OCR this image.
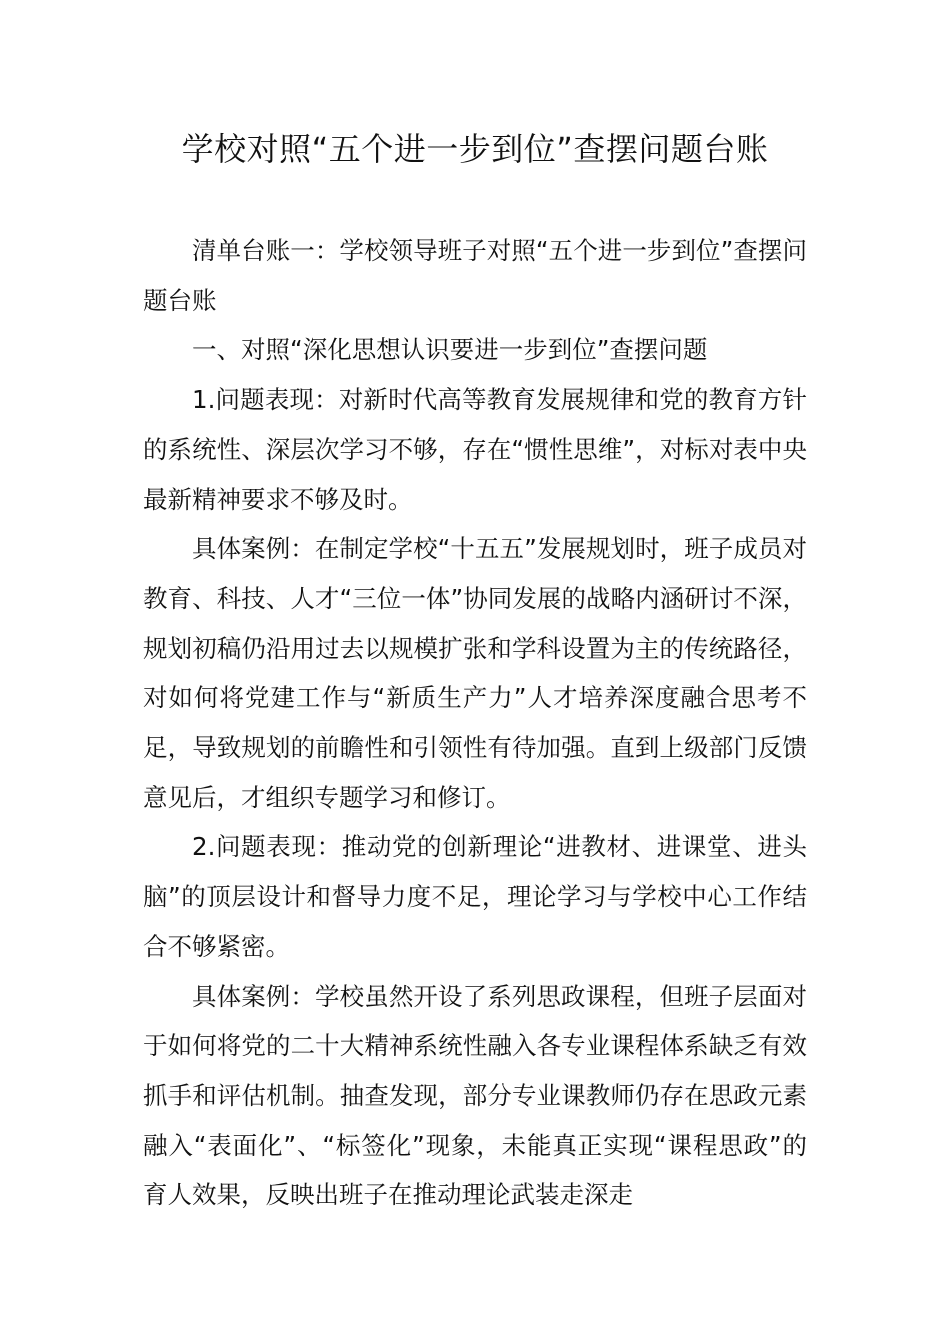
学校对照“五个进一步到位”查摆问题台账

清单台账一：学校领导班子对照“五个进一步到位”查摆问题台账

一、对照“深化思想认识要进一步到位”查摆问题

1.问题表现：对新时代高等教育发展规律和党的教育方针的系统性、深层次学习不够，存在“惯性思维”，对标对表中央最新精神要求不够及时。

具体案例：在制定学校“十五五”发展规划时，班子成员对教育、科技、人才“三位一体”协同发展的战略内涵研讨不深，规划初稿仍沿用过去以规模扩张和学科设置为主的传统路径，对如何将党建工作与“新质生产力”人才培养深度融合思考不足，导致规划的前瞻性和引领性有待加强。直到上级部门反馈意见后，才组织专题学习和修订。

2.问题表现：推动党的创新理论“进教材、进课堂、进头脑”的顶层设计和督导力度不足，理论学习与学校中心工作结合不够紧密。

具体案例：学校虽然开设了系列思政课程，但班子层面对于如何将党的二十大精神系统性融入各专业课程体系缺乏有效抓手和评估机制。抽查发现，部分专业课教师仍存在思政元素融入“表面化”、“标签化”现象，未能真正实现“课程思政”的育人效果，反映出班子在推动理论武装走深走
